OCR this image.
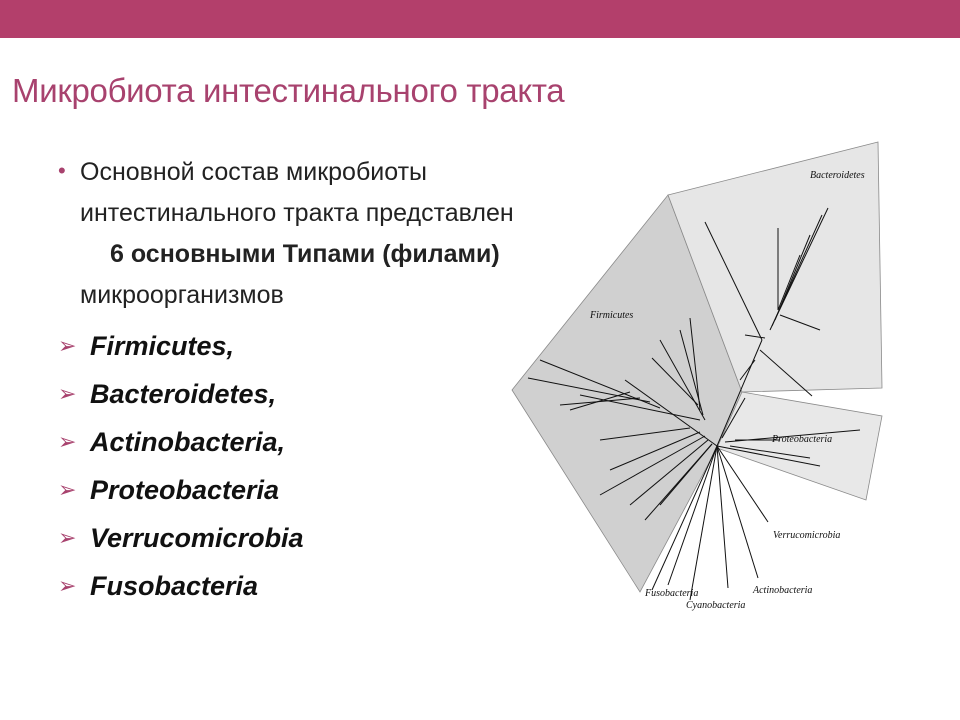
Микробиота интестинального тракта
• Основной состав микробиоты
интестинального тракта представлен
6 основными Типами (филами)
микроорганизмов
➢ Firmicutes,
➢ Bacteroidetes,
➢ Actinobacteria,
➢ Proteobacteria
➢ Verrucomicrobia
➢ Fusobacteria
Bacteroidetes
Firmicutes
Proteobacteria
Verrucomicrobia
Actinobacteria
Fusobacteria
Cyanobacteria
